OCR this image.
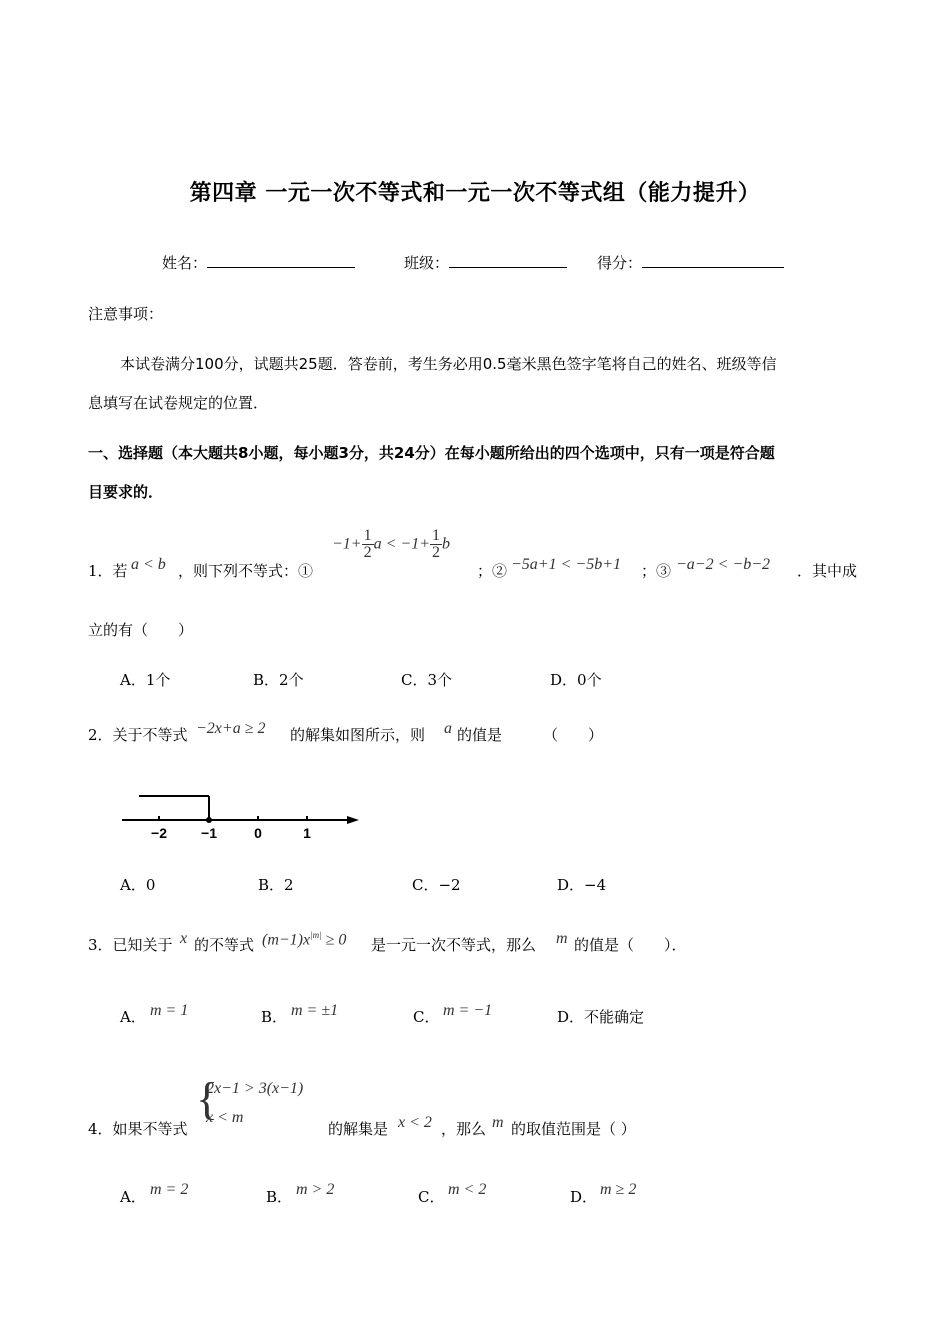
第四章 一元一次不等式和一元一次不等式组（能力提升）
姓名：	班级：	得分：
注意事项：
本试卷满分100分，试题共25题．答卷前，考生务必用0.5毫米黑色签字笔将自己的姓名、班级等信
息填写在试卷规定的位置．
一、选择题（本大题共8小题，每小题3分，共24分）在每小题所给出的四个选项中，只有一项是符合题
目要求的．
1．若 a < b ，则下列不等式：①
$-1+ \frac{1}{2}$ $a < -1+ \frac{1}{2}$ b
；② −5a+1 < −5b+1 ；③ −a−2 < −b−2 ．其中成
立的有（　　）
A．1个	B．2个	C．3个	D．0个
2．关于不等式 −2x+a ≥ 2 的解集如图所示，则 a 的值是	（　　）
−2 −1	0	1
A．0	B．2	C．−2	D．−4
3．已知关于 x 的不等式 $(m-1)x^{|m|} \ge 0$ 是一元一次不等式，那么 m 的值是（　　）．
A． m = 1	B． m = ±1	C． m = −1	D．不能确定
4．如果不等式
{
2x−1 > 3(x−1)
x < m
的解集是 x < 2 ，那么 m 的取值范围是（ ）
A． m = 2	B． m > 2	C． m < 2	D． m ≥ 2
